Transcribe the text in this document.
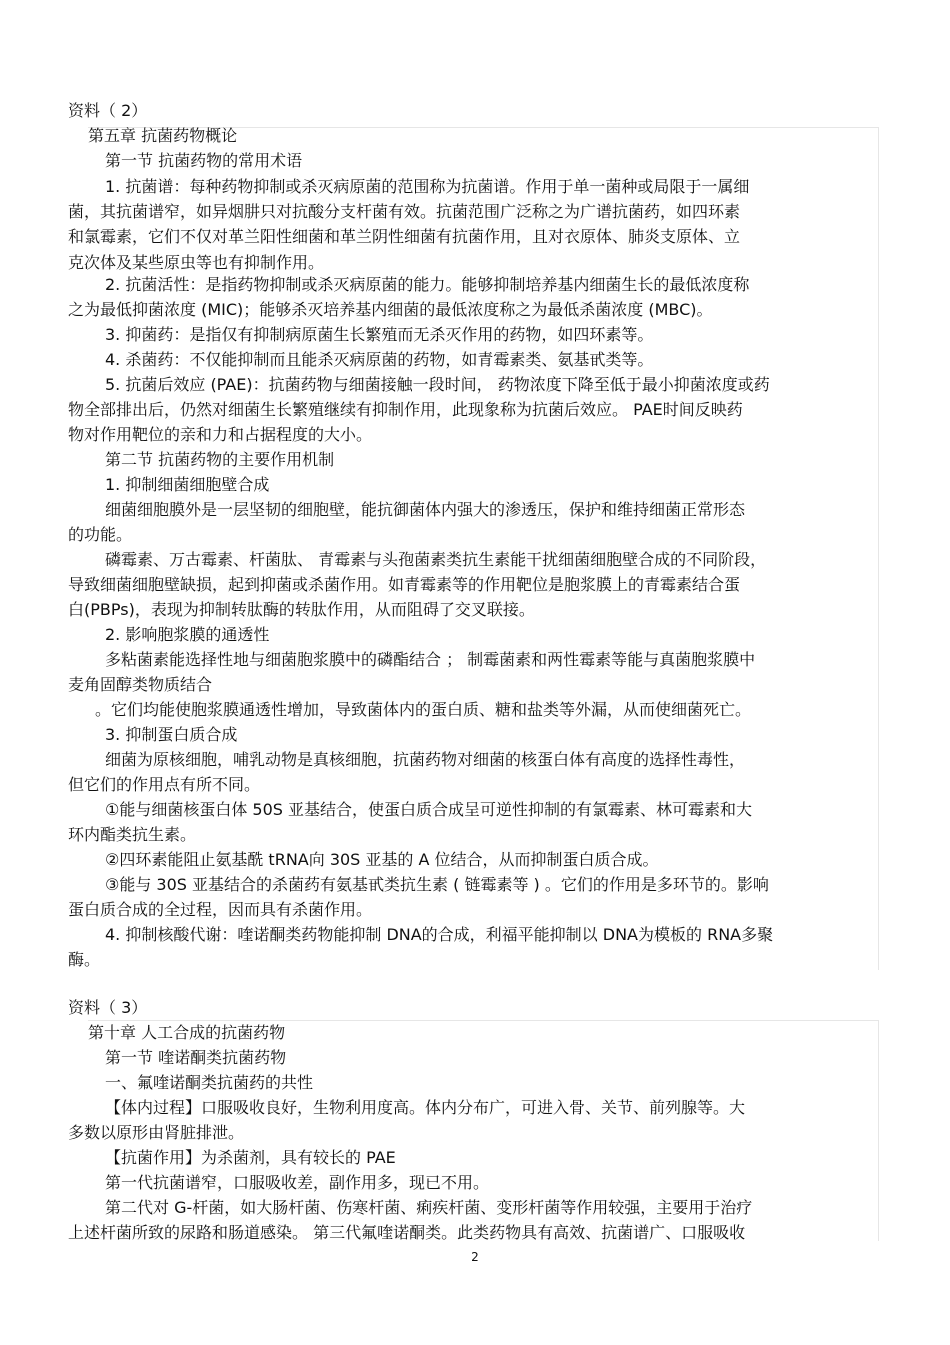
资料（ 2）
第五章 抗菌药物概论
第一节 抗菌药物的常用术语
1. 抗菌谱：每种药物抑制或杀灭病原菌的范围称为抗菌谱。作用于单一菌种或局限于一属细
菌，其抗菌谱窄，如异烟肼只对抗酸分支杆菌有效。抗菌范围广泛称之为广谱抗菌药，如四环素
和氯霉素，它们不仅对革兰阳性细菌和革兰阴性细菌有抗菌作用，且对衣原体、肺炎支原体、立
克次体及某些原虫等也有抑制作用。
2. 抗菌活性：是指药物抑制或杀灭病原菌的能力。能够抑制培养基内细菌生长的最低浓度称
之为最低抑菌浓度 (MIC)；能够杀灭培养基内细菌的最低浓度称之为最低杀菌浓度 (MBC)。
3. 抑菌药：是指仅有抑制病原菌生长繁殖而无杀灭作用的药物，如四环素等。
4. 杀菌药：不仅能抑制而且能杀灭病原菌的药物，如青霉素类、氨基甙类等。
5. 抗菌后效应 (PAE)：抗菌药物与细菌接触一段时间， 药物浓度下降至低于最小抑菌浓度或药
物全部排出后，仍然对细菌生长繁殖继续有抑制作用，此现象称为抗菌后效应。 PAE时间反映药
物对作用靶位的亲和力和占据程度的大小。
第二节 抗菌药物的主要作用机制
1. 抑制细菌细胞壁合成
细菌细胞膜外是一层坚韧的细胞壁，能抗御菌体内强大的渗透压，保护和维持细菌正常形态
的功能。
磷霉素、万古霉素、杆菌肽、 青霉素与头孢菌素类抗生素能干扰细菌细胞壁合成的不同阶段，
导致细菌细胞壁缺损，起到抑菌或杀菌作用。如青霉素等的作用靶位是胞浆膜上的青霉素结合蛋
白(PBPs)，表现为抑制转肽酶的转肽作用，从而阻碍了交叉联接。
2. 影响胞浆膜的通透性
多粘菌素能选择性地与细菌胞浆膜中的磷酯结合 ； 制霉菌素和两性霉素等能与真菌胞浆膜中
麦角固醇类物质结合
。它们均能使胞浆膜通透性增加，导致菌体内的蛋白质、糖和盐类等外漏，从而使细菌死亡。
3. 抑制蛋白质合成
细菌为原核细胞，哺乳动物是真核细胞，抗菌药物对细菌的核蛋白体有高度的选择性毒性，
但它们的作用点有所不同。
①能与细菌核蛋白体 50S 亚基结合，使蛋白质合成呈可逆性抑制的有氯霉素、林可霉素和大
环内酯类抗生素。
②四环素能阻止氨基酰 tRNA向 30S 亚基的 A 位结合，从而抑制蛋白质合成。
③能与 30S 亚基结合的杀菌药有氨基甙类抗生素 ( 链霉素等 ) 。它们的作用是多环节的。影响
蛋白质合成的全过程，因而具有杀菌作用。
4. 抑制核酸代谢：喹诺酮类药物能抑制 DNA的合成，利福平能抑制以 DNA为模板的 RNA多聚
酶。
资料（ 3）
第十章 人工合成的抗菌药物
第一节 喹诺酮类抗菌药物
一、氟喹诺酮类抗菌药的共性
【体内过程】口服吸收良好，生物利用度高。体内分布广，可进入骨、关节、前列腺等。大
多数以原形由肾脏排泄。
【抗菌作用】为杀菌剂，具有较长的 PAE
第一代抗菌谱窄，口服吸收差，副作用多，现已不用。
第二代对 G-杆菌，如大肠杆菌、伤寒杆菌、痢疾杆菌、变形杆菌等作用较强，主要用于治疗
上述杆菌所致的尿路和肠道感染。 第三代氟喹诺酮类。此类药物具有高效、抗菌谱广、口服吸收
2
